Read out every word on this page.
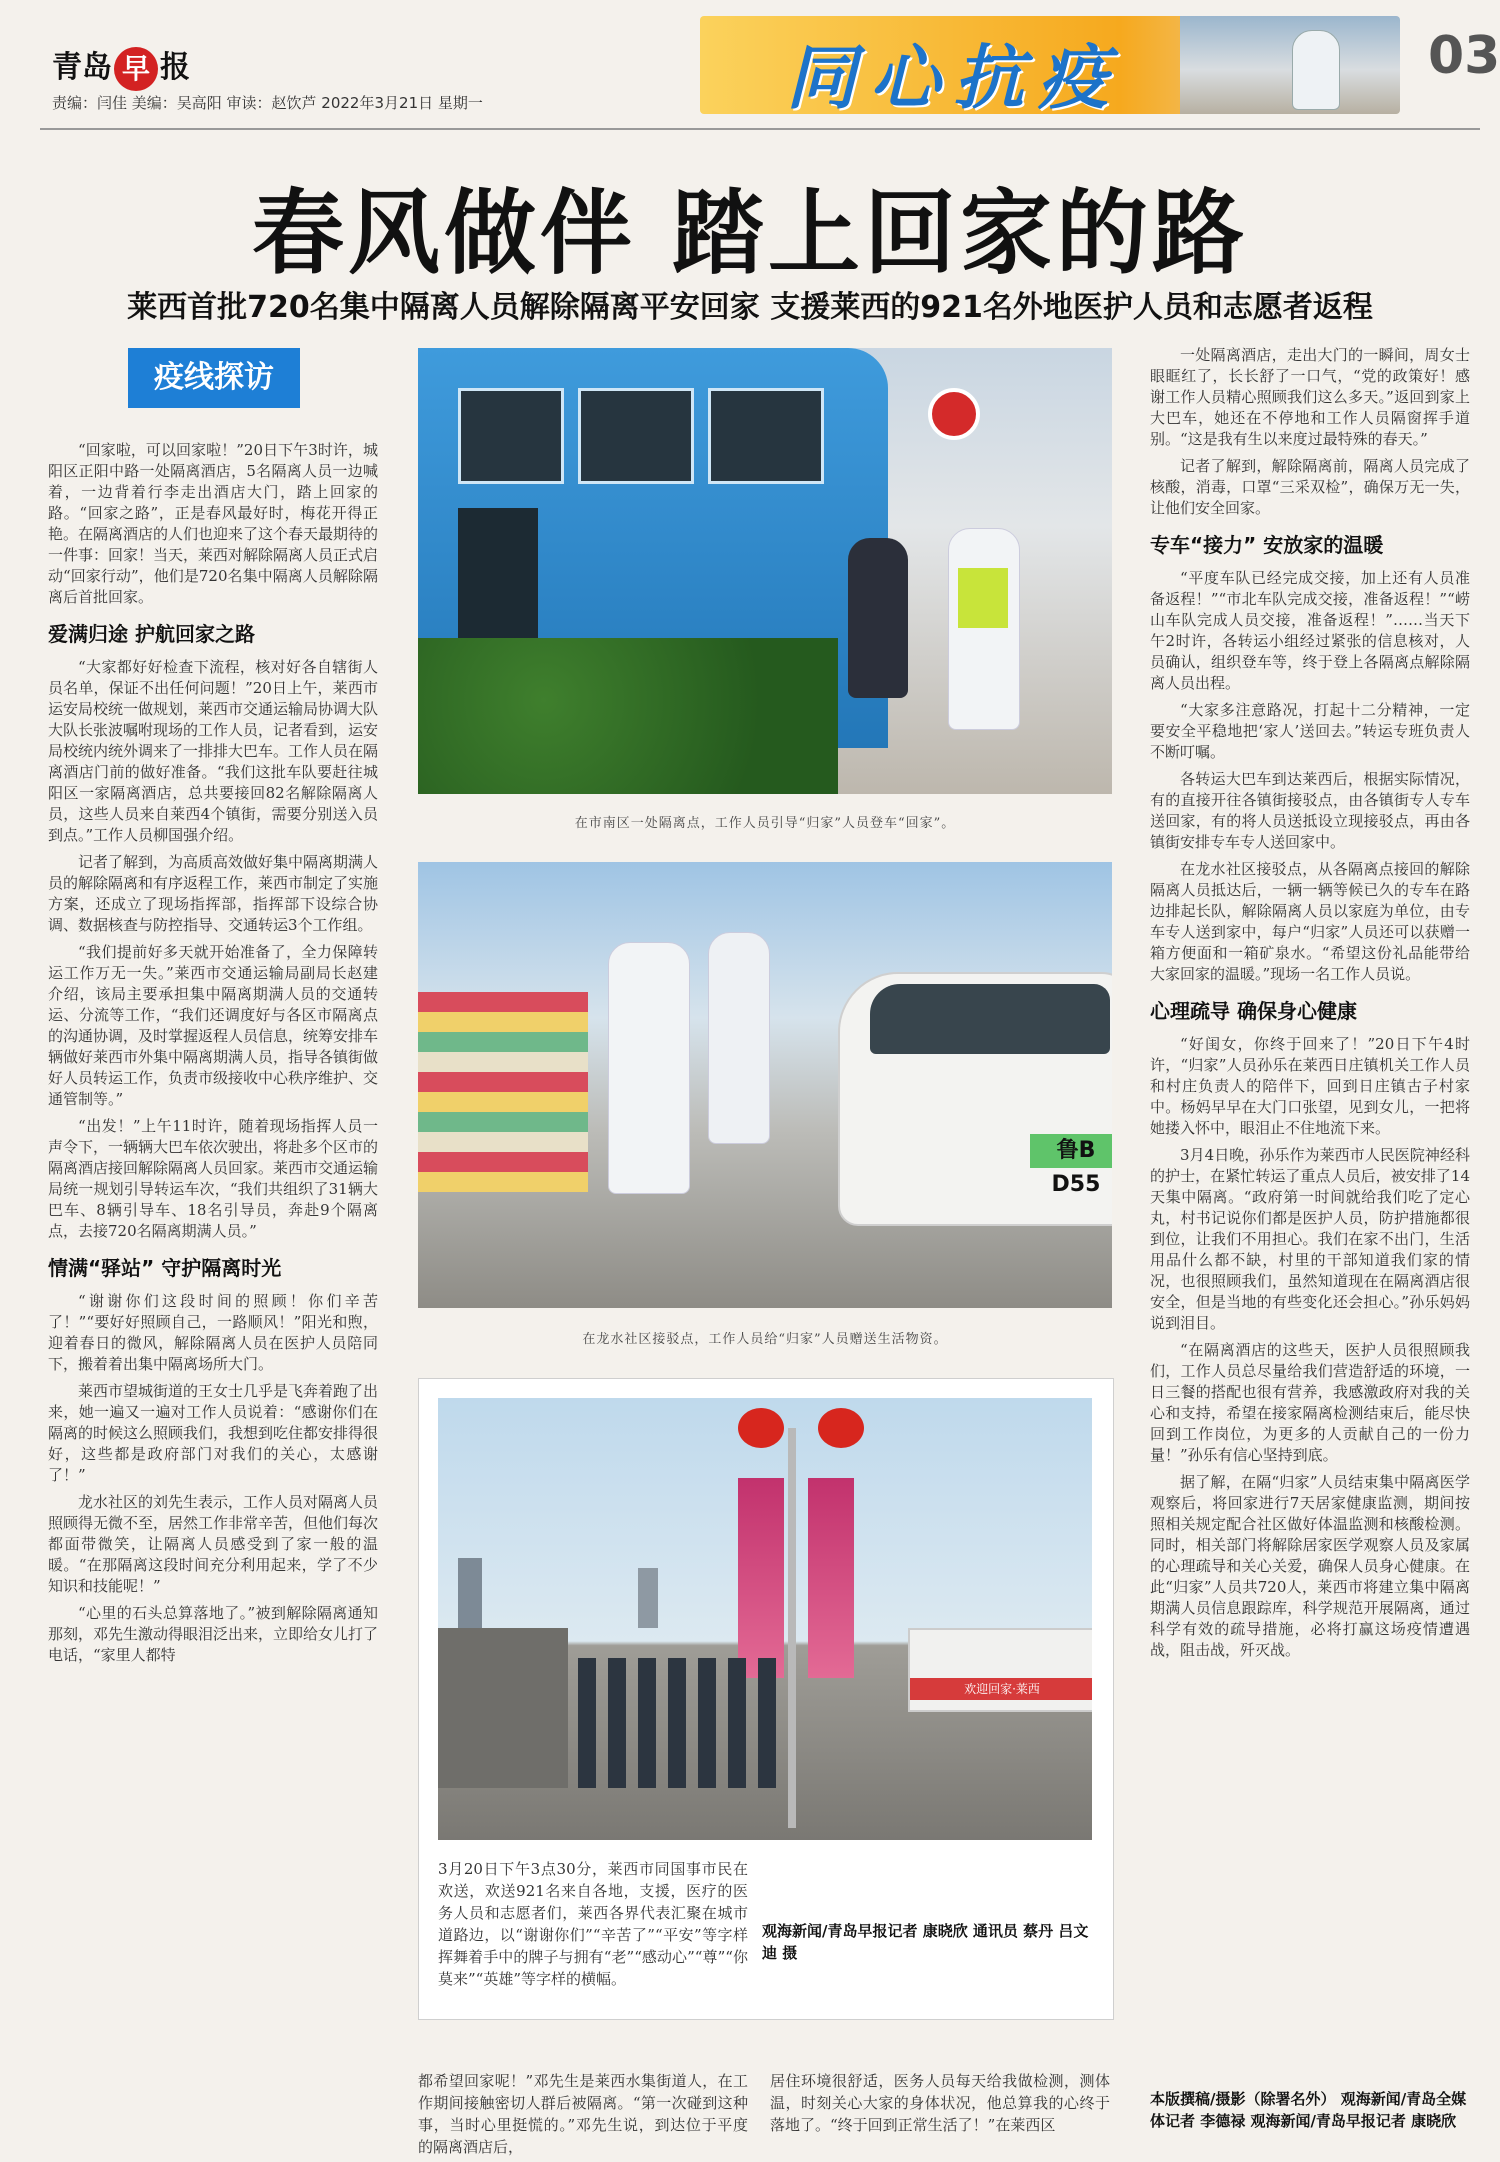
青岛 早 报
责编：闫佳 美编：吴高阳 审读：赵饮芦 2022年3月21日 星期一	同心抗疫	03
春风做伴 踏上回家的路
莱西首批720名集中隔离人员解除隔离平安回家 支援莱西的921名外地医护人员和志愿者返程
疫线探访

“回家啦，可以回家啦！”20日下午3时许，城阳区正阳中路一处隔离酒店，5名隔离人员一边喊着，一边背着行李走出酒店大门，踏上回家的路。“回家之路”，正是春风最好时，梅花开得正艳。在隔离酒店的人们也迎来了这个春天最期待的一件事：回家！当天，莱西对解除隔离人员正式启动“回家行动”，他们是720名集中隔离人员解除隔离后首批回家。

爱满归途 护航回家之路

“大家都好好检查下流程，核对好各自辖街人员名单，保证不出任何问题！”20日上午，莱西市运安局校统一做规划，莱西市交通运输局协调大队大队长张波嘱咐现场的工作人员，记者看到，运安局校统内统外调来了一排排大巴车。工作人员在隔离酒店门前的做好准备。“我们这批车队要赶往城阳区一家隔离酒店，总共要接回82名解除隔离人员，这些人员来自莱西4个镇街，需要分别送入员到点。”工作人员柳国强介绍。

记者了解到，为高质高效做好集中隔离期满人员的解除隔离和有序返程工作，莱西市制定了实施方案，还成立了现场指挥部，指挥部下设综合协调、数据核查与防控指导、交通转运3个工作组。

“我们提前好多天就开始准备了，全力保障转运工作万无一失。”莱西市交通运输局副局长赵建介绍，该局主要承担集中隔离期满人员的交通转运、分流等工作，“我们还调度好与各区市隔离点的沟通协调，及时掌握返程人员信息，统筹安排车辆做好莱西市外集中隔离期满人员，指导各镇街做好人员转运工作，负责市级接收中心秩序维护、交通管制等。”

“出发！”上午11时许，随着现场指挥人员一声令下，一辆辆大巴车依次驶出，将赴多个区市的隔离酒店接回解除隔离人员回家。莱西市交通运输局统一规划引导转运车次，“我们共组织了31辆大巴车、8辆引导车、18名引导员，奔赴9个隔离点，去接720名隔离期满人员。”

情满“驿站” 守护隔离时光

“谢谢你们这段时间的照顾！你们辛苦了！”“要好好照顾自己，一路顺风！”阳光和煦，迎着春日的微风，解除隔离人员在医护人员陪同下，搬着着出集中隔离场所大门。

莱西市望城街道的王女士几乎是飞奔着跑了出来，她一遍又一遍对工作人员说着：“感谢你们在隔离的时候这么照顾我们，我想到吃住都安排得很好，这些都是政府部门对我们的关心，太感谢了！”

龙水社区的刘先生表示，工作人员对隔离人员照顾得无微不至，居然工作非常辛苦，但他们每次都面带微笑，让隔离人员感受到了家一般的温暖。“在那隔离这段时间充分利用起来，学了不少知识和技能呢！”

“心里的石头总算落地了。”被到解除隔离通知那刻，邓先生激动得眼泪泛出来，立即给女儿打了电话，“家里人都特

在市南区一处隔离点，工作人员引导“归家”人员登车“回家”。
鲁B D55
在龙水社区接驳点，工作人员给“归家”人员赠送生活物资。
欢迎回家·莱西
3月20日下午3点30分，莱西市同国事市民在欢送，欢送921名来自各地，支援，医疗的医务人员和志愿者们，莱西各界代表汇聚在城市道路边，以“谢谢你们”“辛苦了”“平安”等字样挥舞着手中的牌子与拥有“老”“感动心”“尊”“你莫来”“英雄”等字样的横幅。
观海新闻/青岛早报记者 康晓欣 通讯员 蔡丹 吕文迪 摄
都希望回家呢！”邓先生是莱西水集街道人，在工作期间接触密切人群后被隔离。“第一次碰到这种事，当时心里挺慌的。”邓先生说，到达位于平度的隔离酒店后，
居住环境很舒适，医务人员每天给我做检测，测体温，时刻关心大家的身体状况，他总算我的心终于落地了。“终于回到正常生活了！”在莱西区

一处隔离酒店，走出大门的一瞬间，周女士眼眶红了，长长舒了一口气，“党的政策好！感谢工作人员精心照顾我们这么多天。”返回到家上大巴车，她还在不停地和工作人员隔窗挥手道别。“这是我有生以来度过最特殊的春天。”

记者了解到，解除隔离前，隔离人员完成了核酸，消毒，口罩“三采双检”，确保万无一失，让他们安全回家。

专车“接力” 安放家的温暖

“平度车队已经完成交接，加上还有人员准备返程！”“市北车队完成交接，准备返程！”“崂山车队完成人员交接，准备返程！”……当天下午2时许，各转运小组经过紧张的信息核对，人员确认，组织登车等，终于登上各隔离点解除隔离人员出程。

“大家多注意路况，打起十二分精神，一定要安全平稳地把‘家人’送回去。”转运专班负责人不断叮嘱。

各转运大巴车到达莱西后，根据实际情况，有的直接开往各镇街接驳点，由各镇街专人专车送回家，有的将人员送抵设立现接驳点，再由各镇街安排专车专人送回家中。

在龙水社区接驳点，从各隔离点接回的解除隔离人员抵达后，一辆一辆等候已久的专车在路边排起长队，解除隔离人员以家庭为单位，由专车专人送到家中，每户“归家”人员还可以获赠一箱方便面和一箱矿泉水。“希望这份礼品能带给大家回家的温暖。”现场一名工作人员说。

心理疏导 确保身心健康

“好闺女，你终于回来了！”20日下午4时许，“归家”人员孙乐在莱西日庄镇机关工作人员和村庄负责人的陪伴下，回到日庄镇古子村家中。杨妈早早在大门口张望，见到女儿，一把将她搂入怀中，眼泪止不住地流下来。

3月4日晚，孙乐作为莱西市人民医院神经科的护士，在紧忙转运了重点人员后，被安排了14天集中隔离。“政府第一时间就给我们吃了定心丸，村书记说你们都是医护人员，防护措施都很到位，让我们不用担心。我们在家不出门，生活用品什么都不缺，村里的干部知道我们家的情况，也很照顾我们，虽然知道现在在隔离酒店很安全，但是当地的有些变化还会担心。”孙乐妈妈说到泪目。

“在隔离酒店的这些天，医护人员很照顾我们，工作人员总尽量给我们营造舒适的环境，一日三餐的搭配也很有营养，我感激政府对我的关心和支持，希望在接家隔离检测结束后，能尽快回到工作岗位，为更多的人贡献自己的一份力量！”孙乐有信心坚持到底。

据了解，在隔“归家”人员结束集中隔离医学观察后，将回家进行7天居家健康监测，期间按照相关规定配合社区做好体温监测和核酸检测。同时，相关部门将解除居家医学观察人员及家属的心理疏导和关心关爱，确保人员身心健康。在此“归家”人员共720人，莱西市将建立集中隔离期满人员信息跟踪库，科学规范开展隔离，通过科学有效的疏导措施，必将打赢这场疫情遭遇战，阻击战，歼灭战。

本版撰稿/摄影（除署名外） 观海新闻/青岛全媒体记者 李德禄 观海新闻/青岛早报记者 康晓欣
